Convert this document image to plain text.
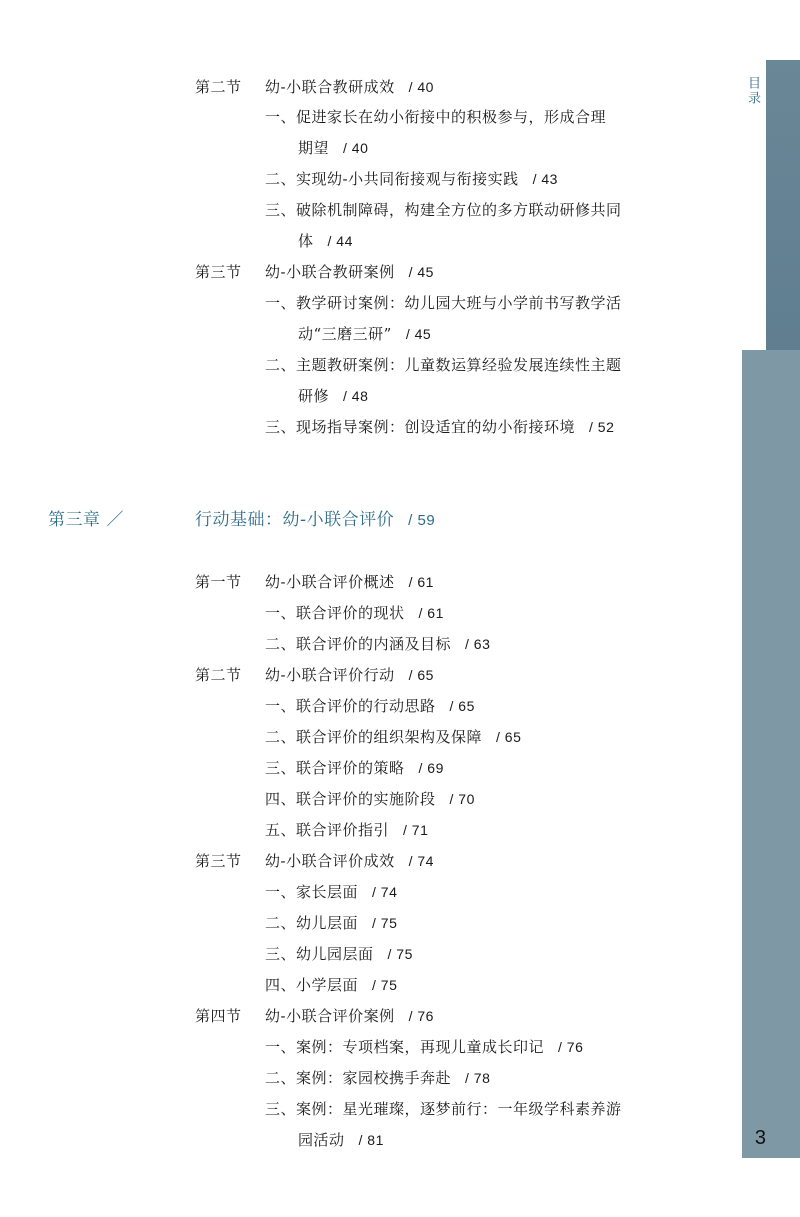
目录
第二节 幼-小联合教研成效 / 40
一、促进家长在幼小衔接中的积极参与，形成合理
期望 / 40
二、实现幼-小共同衔接观与衔接实践 / 43
三、破除机制障碍，构建全方位的多方联动研修共同
体 / 44
第三节 幼-小联合教研案例 / 45
一、教学研讨案例：幼儿园大班与小学前书写教学活
动“三磨三研” / 45
二、主题教研案例：儿童数运算经验发展连续性主题
研修 / 48
三、现场指导案例：创设适宜的幼小衔接环境 / 52
第三章 ／	行动基础：幼-小联合评价 / 59
第一节 幼-小联合评价概述 / 61
一、联合评价的现状 / 61
二、联合评价的内涵及目标 / 63
第二节 幼-小联合评价行动 / 65
一、联合评价的行动思路 / 65
二、联合评价的组织架构及保障 / 65
三、联合评价的策略 / 69
四、联合评价的实施阶段 / 70
五、联合评价指引 / 71
第三节 幼-小联合评价成效 / 74
一、家长层面 / 74
二、幼儿层面 / 75
三、幼儿园层面 / 75
四、小学层面 / 75
第四节 幼-小联合评价案例 / 76
一、案例：专项档案，再现儿童成长印记 / 76
二、案例：家园校携手奔赴 / 78
三、案例：星光璀璨，逐梦前行：一年级学科素养游
园活动 / 81	3
